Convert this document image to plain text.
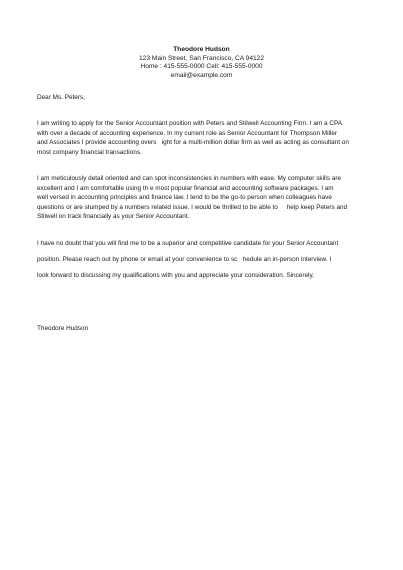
Theodore Hudson
123 Main Street, San Francisco, CA 94122
Home : 415-555-0000 Cell: 415-555-0000
email@example.com
Dear Ms. Peters,
I am writing to apply for the Senior Accountant position with Peters and Stilwell Accounting Firm. I am a CPA
with over a decade of accounting experience. In my current role as Senior Accountant for Thompson Miller
and Associates I provide accounting overs   ight for a multi-million dollar firm as well as acting as consultant on
most company financial transactions.
I am meticulously detail oriented and can spot inconsistencies in numbers with ease. My computer skills are
excellent and I am comfortable using th e most popular financial and accounting software packages. I am
well versed in accounting principles and finance law. I tend to be the go-to person when colleagues have
questions or are stumped by a numbers related issue. I would be thrilled to be able to     help keep Peters and
Stilwell on track financially as your Senior Accountant.
I have no doubt that you will find me to be a superior and competitive candidate for your Senior Accountant
position. Please reach out by phone or email at your convenience to sc   hedule an in-person interview. I
look forward to discussing my qualifications with you and appreciate your consideration. Sincerely,
Theodore Hudson
